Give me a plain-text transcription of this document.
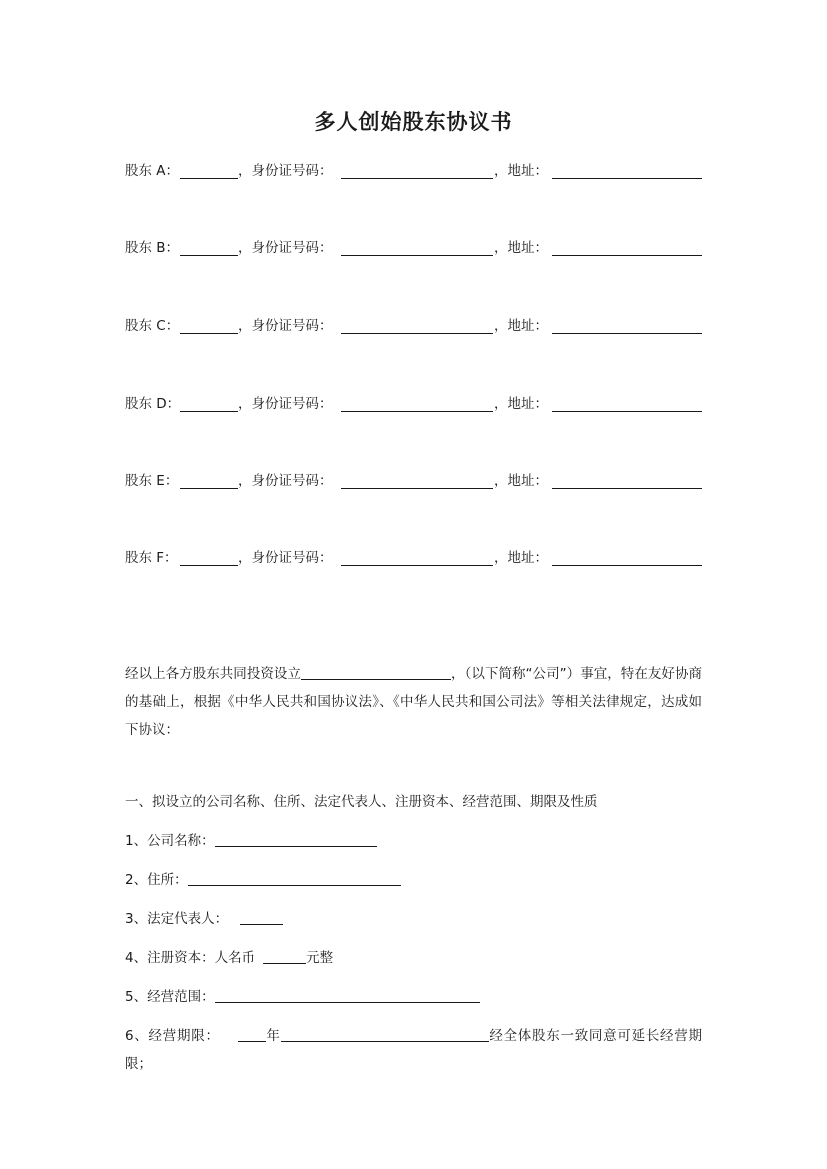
多人创始股东协议书
股东 A：	，身份证号码：	，地址：
股东 B：	，身份证号码：	，地址：
股东 C：	，身份证号码：	，地址：
股东 D：	，身份证号码：	，地址：
股东 E：	，身份证号码：	，地址：
股东 F：	，身份证号码：	，地址：
经以上各方股东共同投资设立	，（以下简称“公司”）事宜，特在友好协商的基础上，根据《中华人民共和国协议法》、《中华人民共和国公司法》等相关法律规定，达成如下协议：
一、拟设立的公司名称、住所、法定代表人、注册资本、经营范围、期限及性质
1、公司名称：
2、住所：
3、法定代表人：
4、注册资本：人名币	元整
5、经营范围：
6、经营期限：	年	经全体股东一致同意可延长经营期限；
